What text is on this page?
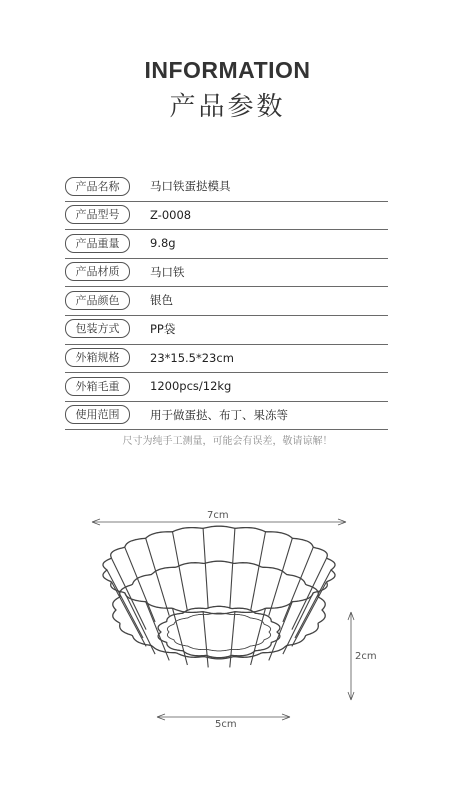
INFORMATION
产品参数
产品名称	马口铁蛋挞模具
产品型号	Z-0008
产品重量	9.8g
产品材质	马口铁
产品颜色	银色
包装方式	PP袋
外箱规格	23*15.5*23cm
外箱毛重	1200pcs/12kg
使用范围	用于做蛋挞、布丁、果冻等
尺寸为纯手工测量，可能会有误差，敬请谅解！
7cm
2cm
5cm
